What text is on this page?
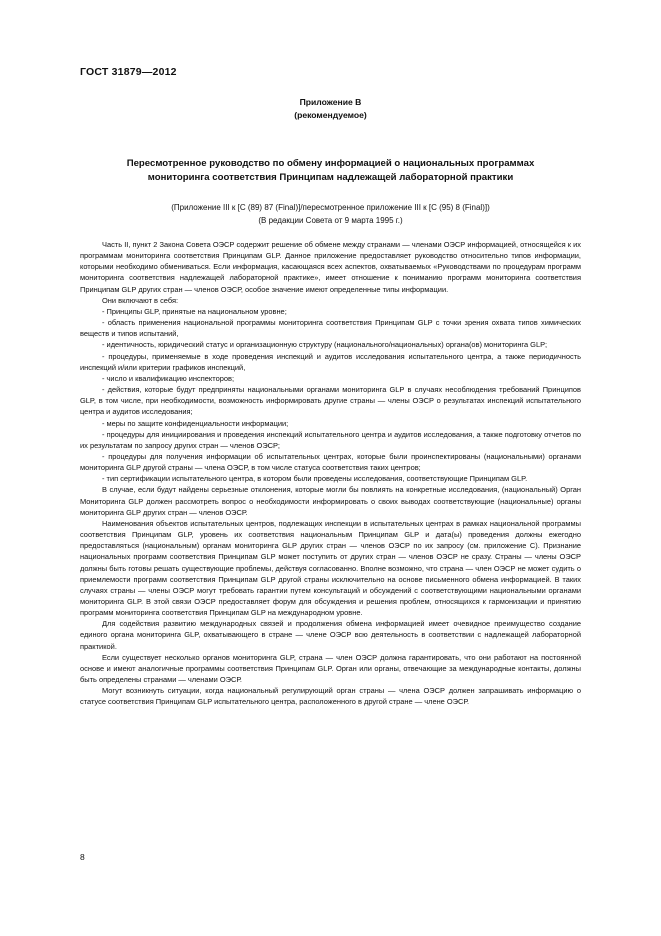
ГОСТ 31879—2012
Приложение В
(рекомендуемое)
Пересмотренное руководство по обмену информацией о национальных программах
мониторинга соответствия Принципам надлежащей лабораторной практики
(Приложение III к [C (89) 87 (Final)]/пересмотренное приложение III к [C (95) 8 (Final)])
(В редакции Совета от 9 марта 1995 г.)

Часть II, пункт 2 Закона Совета ОЭСР содержит решение об обмене между странами — членами ОЭСР информацией, относящейся к их программам мониторинга соответствия Принципам GLP. Данное приложение предоставляет руководство относительно типов информации, которыми необходимо обмениваться. Если информация, касающаяся всех аспектов, охватываемых «Руководствами по процедурам программ мониторинга соответствия надлежащей лабораторной практике», имеет отношение к пониманию программ мониторинга соответствия Принципам GLP других стран — членов ОЭСР, особое значение имеют определенные типы информации.

Они включают в себя:

- Принципы GLP, принятые на национальном уровне;

- область применения национальной программы мониторинга соответствия Принципам GLP с точки зрения охвата типов химических веществ и типов испытаний,

- идентичность, юридический статус и организационную структуру (национального/национальных) органа(ов) мониторинга GLP;

- процедуры, применяемые в ходе проведения инспекций и аудитов исследования испытательного центра, а также периодичность инспекций и/или критерии графиков инспекций,

- число и квалификацию инспекторов;

- действия, которые будут предприняты национальными органами мониторинга GLP в случаях несоблюдения требований Принципов GLP, в том числе, при необходимости, возможность информировать другие страны — члены ОЭСР о результатах инспекций испытательного центра и аудитов исследования;

- меры по защите конфиденциальности информации;

- процедуры для инициирования и проведения инспекций испытательного центра и аудитов исследования, а также подготовку отчетов по их результатам по запросу других стран — членов ОЭСР;

- процедуры для получения информации об испытательных центрах, которые были проинспектированы (национальными) органами мониторинга GLP другой страны — члена ОЭСР, в том числе статуса соответствия таких центров;

- тип сертификации испытательного центра, в котором были проведены исследования, соответствующие Принципам GLP.

В случае, если будут найдены серьезные отклонения, которые могли бы повлиять на конкретные исследования, (национальный) Орган Мониторинга GLP должен рассмотреть вопрос о необходимости информировать о своих выводах соответствующие (национальные) органы мониторинга GLP других стран — членов ОЭСР.

Наименования объектов испытательных центров, подлежащих инспекции в испытательных центрах в рамках национальной программы соответствия Принципам GLP, уровень их соответствия национальным Принципам GLP и дата(ы) проведения должны ежегодно предоставляться (национальным) органам мониторинга GLP других стран — членов ОЭСР по их запросу (см. приложение С). Признание национальных программ соответствия Принципам GLP может поступить от других стран — членов ОЭСР не сразу. Страны — члены ОЭСР должны быть готовы решать существующие проблемы, действуя согласованно. Вполне возможно, что страна — член ОЭСР не может судить о приемлемости программ соответствия Принципам GLP другой страны исключительно на основе письменного обмена информацией. В таких случаях страны — члены ОЭСР могут требовать гарантии путем консультаций и обсуждений с соответствующими национальными органами мониторинга GLP. В этой связи ОЭСР предоставляет форум для обсуждения и решения проблем, относящихся к гармонизации и принятию программ мониторинга соответствия Принципам GLP на международном уровне.

Для содействия развитию международных связей и продолжения обмена информацией имеет очевидное преимущество создание единого органа мониторинга GLP, охватывающего в стране — члене ОЭСР всю деятельность в соответствии с надлежащей лабораторной практикой.

Если существует несколько органов мониторинга GLP, страна — член ОЭСР должна гарантировать, что они работают на постоянной основе и имеют аналогичные программы соответствия Принципам GLP. Орган или органы, отвечающие за международные контакты, должны быть определены странами — членами ОЭСР.

Могут возникнуть ситуации, когда национальный регулирующий орган страны — члена ОЭСР должен запрашивать информацию о статусе соответствия Принципам GLP испытательного центра, расположенного в другой стране — члене ОЭСР.

8
